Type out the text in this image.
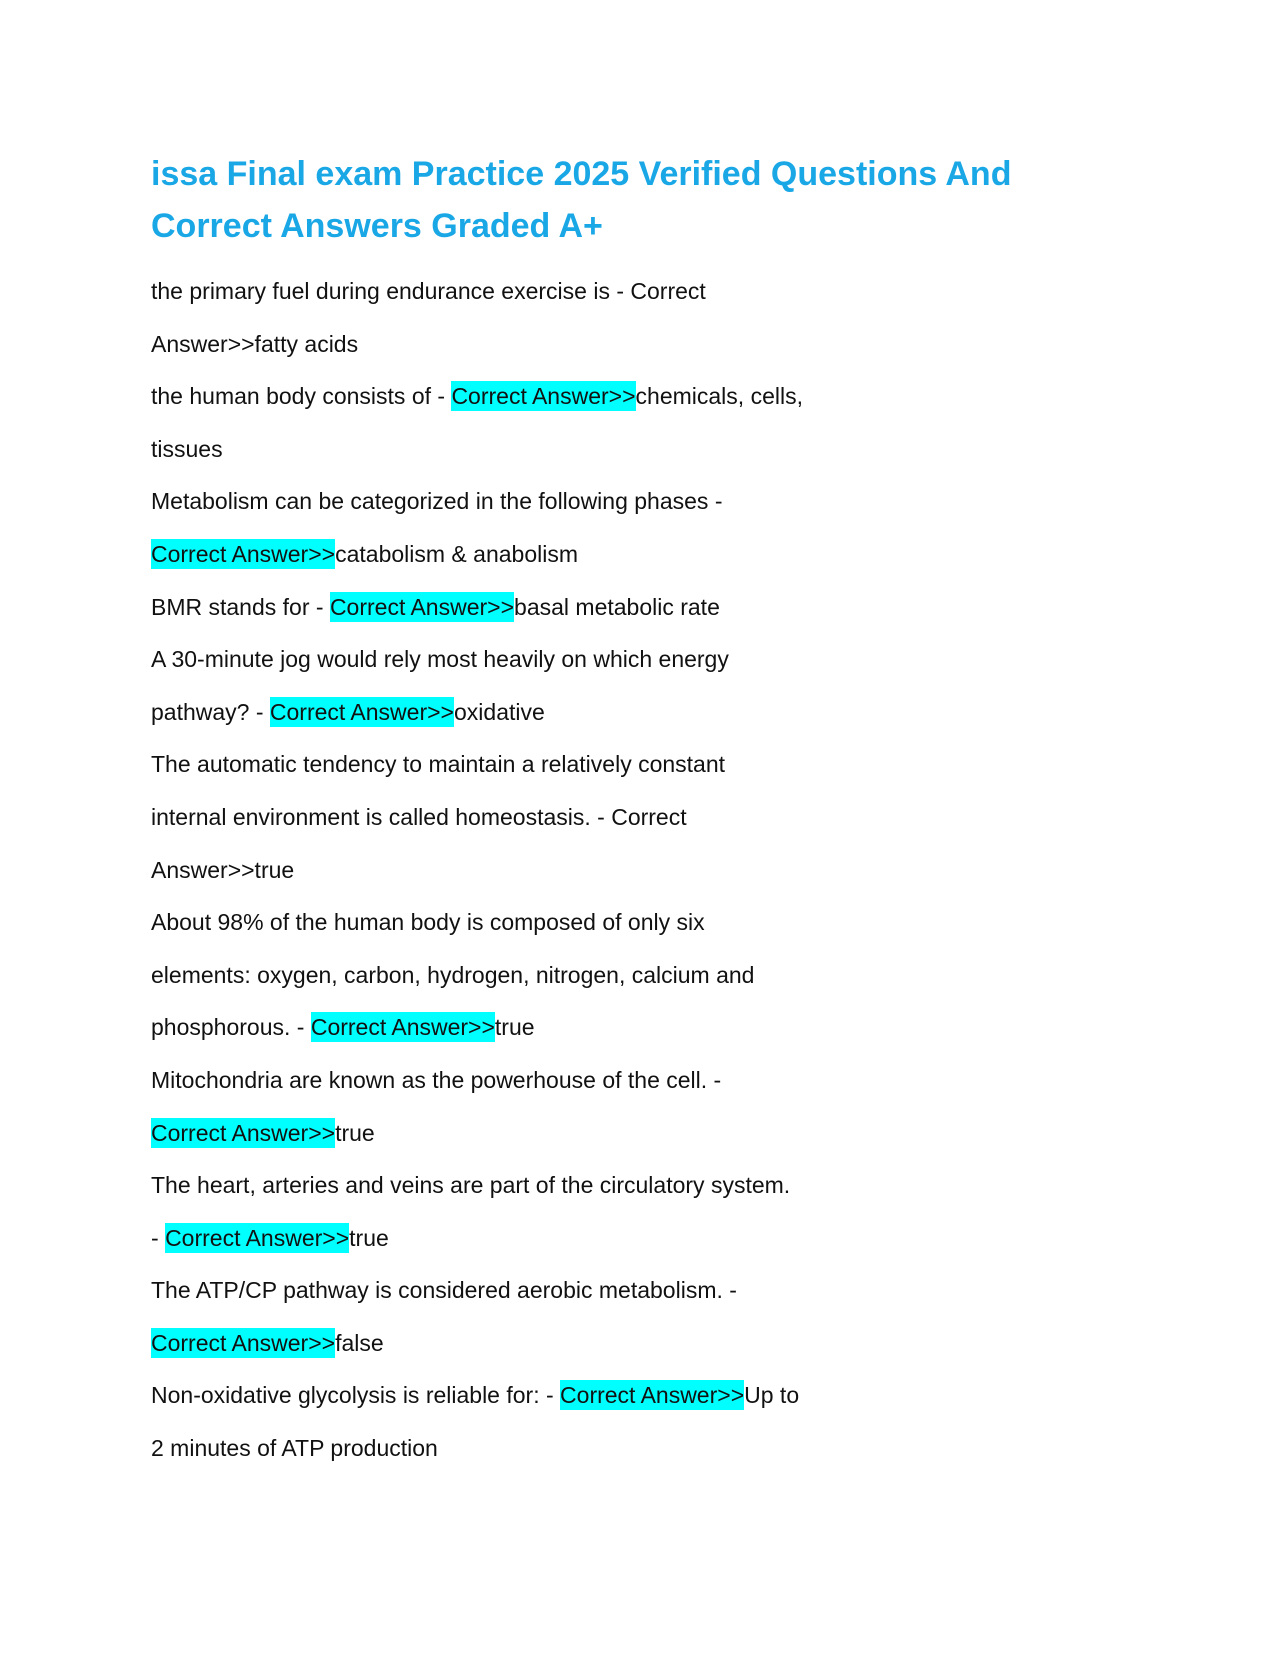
issa Final exam Practice 2025 Verified Questions And Correct Answers Graded A+
the primary fuel during endurance exercise is - Correct
Answer>>fatty acids
the human body consists of - Correct Answer>>chemicals, cells,
tissues
Metabolism can be categorized in the following phases -
Correct Answer>>catabolism & anabolism
BMR stands for - Correct Answer>>basal metabolic rate
A 30-minute jog would rely most heavily on which energy
pathway? - Correct Answer>>oxidative
The automatic tendency to maintain a relatively constant
internal environment is called homeostasis. - Correct
Answer>>true
About 98% of the human body is composed of only six
elements: oxygen, carbon, hydrogen, nitrogen, calcium and
phosphorous. - Correct Answer>>true
Mitochondria are known as the powerhouse of the cell. -
Correct Answer>>true
The heart, arteries and veins are part of the circulatory system.
- Correct Answer>>true
The ATP/CP pathway is considered aerobic metabolism. -
Correct Answer>>false
Non-oxidative glycolysis is reliable for: - Correct Answer>>Up to
2 minutes of ATP production
